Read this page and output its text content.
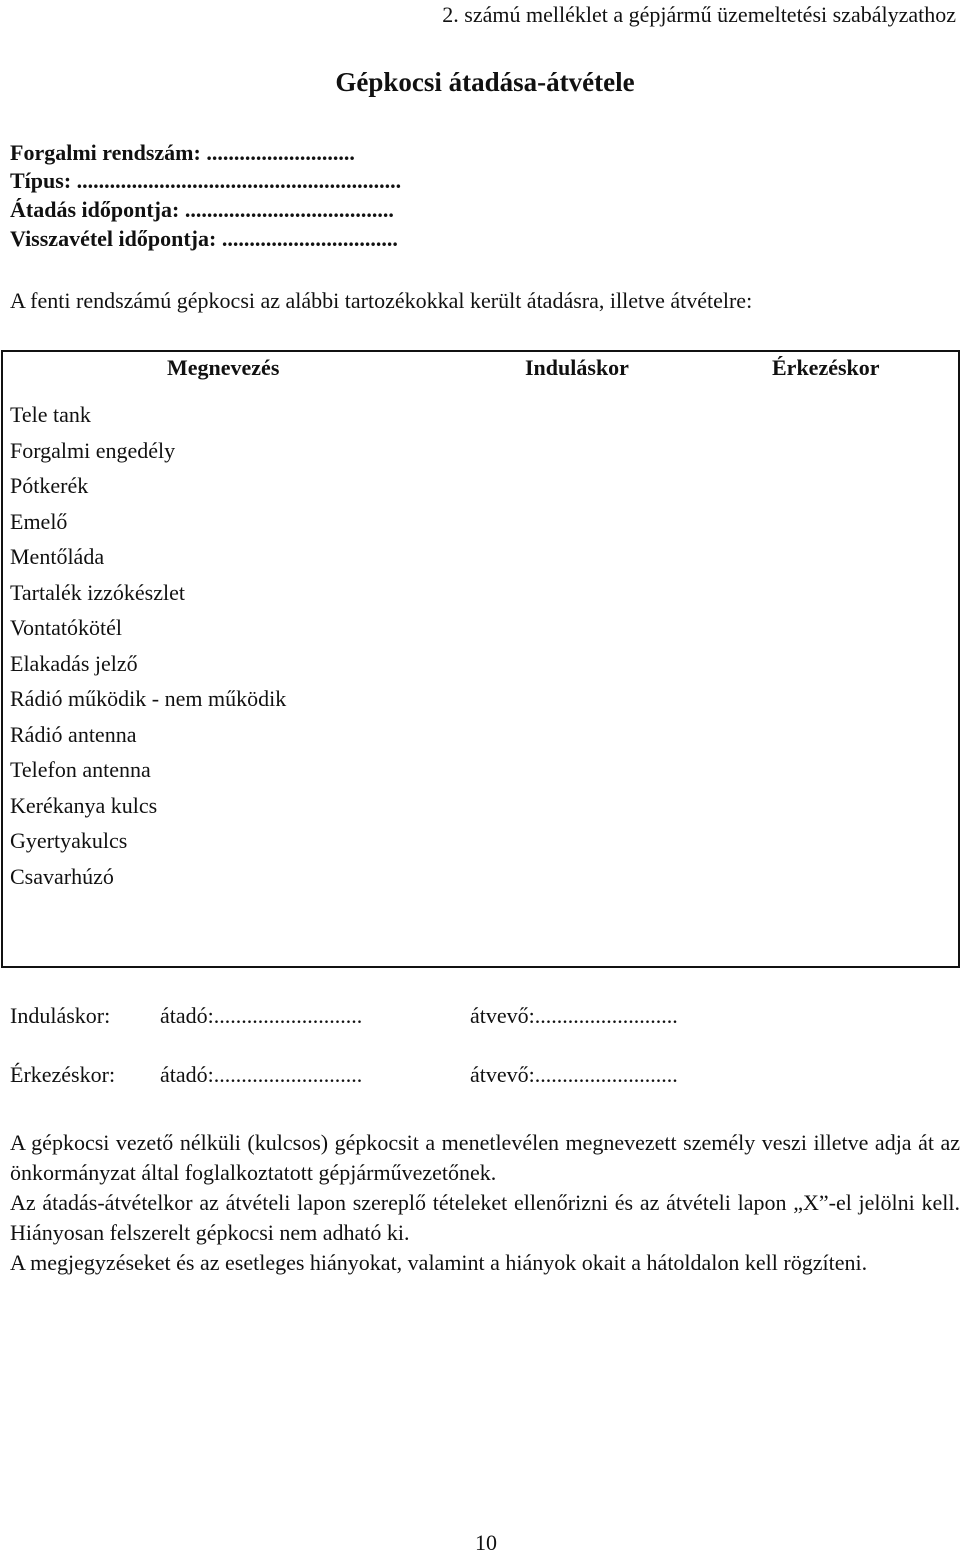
2. számú melléklet a gépjármű üzemeltetési szabályzathoz
Gépkocsi átadása-átvétele
Forgalmi rendszám: ...........................
Típus: ...........................................................
Átadás időpontja: ......................................
Visszavétel időpontja: ................................
A fenti rendszámú gépkocsi az alábbi tartozékokkal került átadásra, illetve átvételre:
Megnevezés	Induláskor	Érkezéskor
Tele tank
Forgalmi engedély
Pótkerék
Emelő
Mentőláda
Tartalék izzókészlet
Vontatókötél
Elakadás jelző
Rádió működik - nem működik
Rádió antenna
Telefon antenna
Kerékanya kulcs
Gyertyakulcs
Csavarhúzó
Induláskor: átadó:...........................	átvevő:..........................
Érkezéskor: átadó:...........................	átvevő:..........................

A gépkocsi vezető nélküli (kulcsos) gépkocsit a menetlevélen megnevezett személy veszi illetve adja át az önkormányzat által foglalkoztatott gépjárművezetőnek.

Az átadás-átvételkor az átvételi lapon szereplő tételeket ellenőrizni és az átvételi lapon „X”-el jelölni kell. Hiányosan felszerelt gépkocsi nem adható ki.

A megjegyzéseket és az esetleges hiányokat, valamint a hiányok okait a hátoldalon kell rögzíteni.

10
